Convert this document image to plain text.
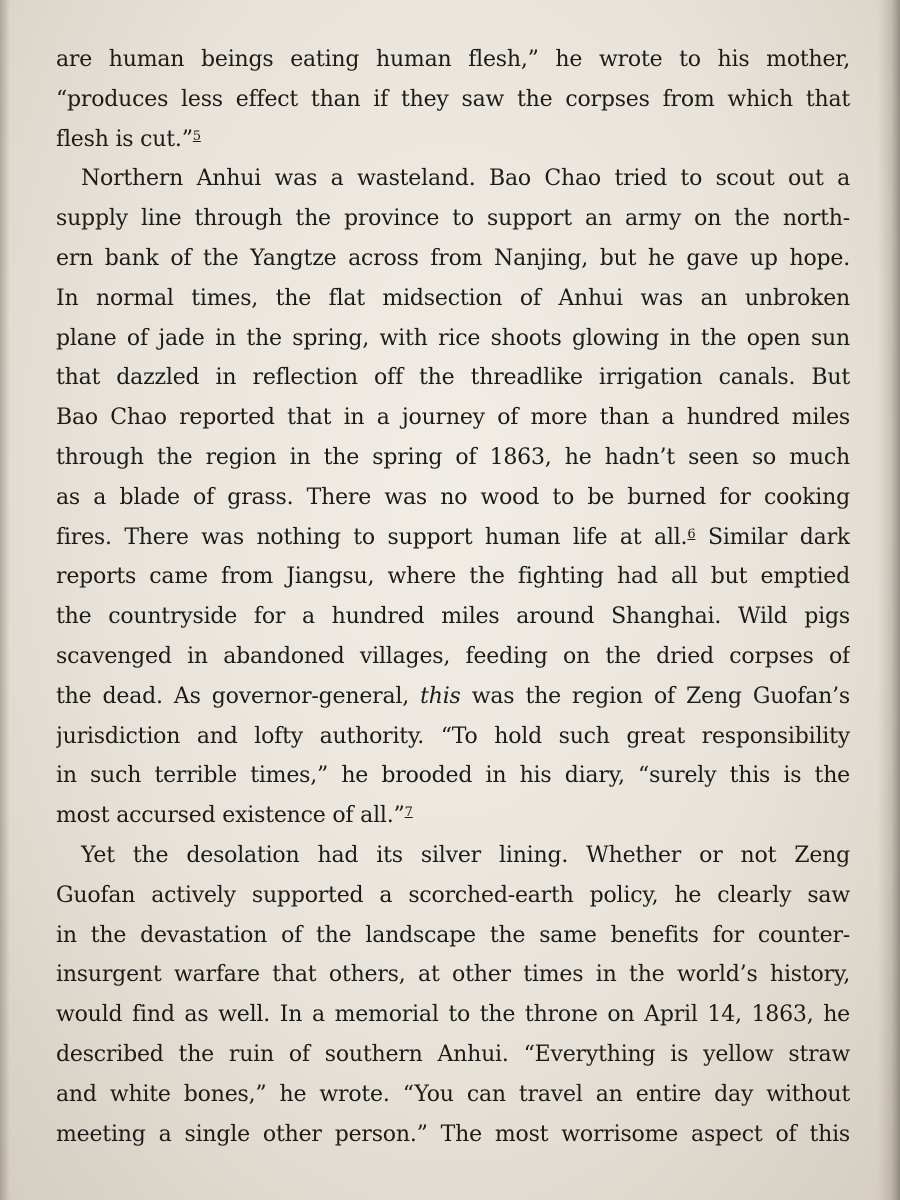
are human beings eating human flesh,” he wrote to his mother,
“produces less effect than if they saw the corpses from which that
flesh is cut.”$^5$
Northern Anhui was a wasteland. Bao Chao tried to scout out a
supply line through the province to support an army on the north-
ern bank of the Yangtze across from Nanjing, but he gave up hope.
In normal times, the flat midsection of Anhui was an unbroken
plane of jade in the spring, with rice shoots glowing in the open sun
that dazzled in reflection off the threadlike irrigation canals. But
Bao Chao reported that in a journey of more than a hundred miles
through the region in the spring of 1863, he hadn’t seen so much
as a blade of grass. There was no wood to be burned for cooking
fires. There was nothing to support human life at all.$^6$ Similar dark
reports came from Jiangsu, where the fighting had all but emptied
the countryside for a hundred miles around Shanghai. Wild pigs
scavenged in abandoned villages, feeding on the dried corpses of
the dead. As governor-general, this was the region of Zeng Guofan’s
jurisdiction and lofty authority. “To hold such great responsibility
in such terrible times,” he brooded in his diary, “surely this is the
most accursed existence of all.”$^7$
Yet the desolation had its silver lining. Whether or not Zeng
Guofan actively supported a scorched-earth policy, he clearly saw
in the devastation of the landscape the same benefits for counter-
insurgent warfare that others, at other times in the world’s history,
would find as well. In a memorial to the throne on April 14, 1863, he
described the ruin of southern Anhui. “Everything is yellow straw
and white bones,” he wrote. “You can travel an entire day without
meeting a single other person.” The most worrisome aspect of this
